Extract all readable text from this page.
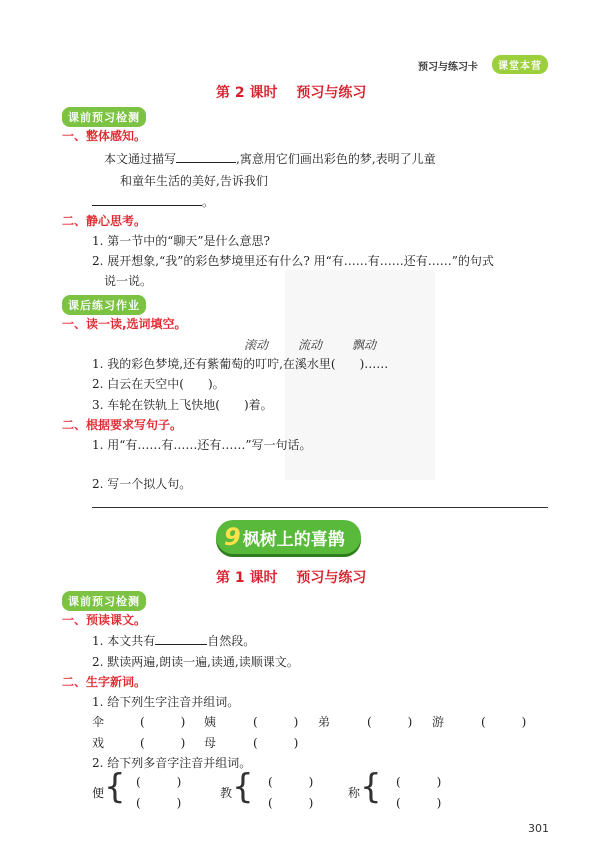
预习与练习卡	课堂本营
第 2 课时　 预习与练习
课前预习检测
一、整体感知。
本文通过描写	,寓意用它们画出彩色的梦,表明了儿童
和童年生活的美好,告诉我们
。
二、静心思考。
1. 第一节中的“聊天”是什么意思?
2. 展开想象,“我”的彩色梦境里还有什么? 用“有……有……还有……”的句式
说一说。
课后练习作业
一、读一读,选词填空。
滚动	流动	飘动
1. 我的彩色梦境,还有紫葡萄的叮咛,在溪水里(　　)……
2. 白云在天空中(　　)。
3. 车轮在铁轨上飞快地(　　)着。
二、根据要求写句子。
1. 用“有……有……还有……”写一句话。
2. 写一个拟人句。
9 枫树上的喜鹊
第 1 课时　 预习与练习
课前预习检测
一、预读课文。
1. 本文共有	自然段。
2. 默读两遍,朗读一遍,读通,读顺课文。
二、生字新词。
1. 给下列生字注音并组词。
伞	(　　　) 姨	(　　　) 弟	(　　　) 游	(　　　)
戏	(　　　) 母	(　　　)
2. 给下列多音字注音并组词。
便 { (　　　)
(　　　)
教 { (　　　)
(　　　)
称 { (　　　)
(　　　)
301
